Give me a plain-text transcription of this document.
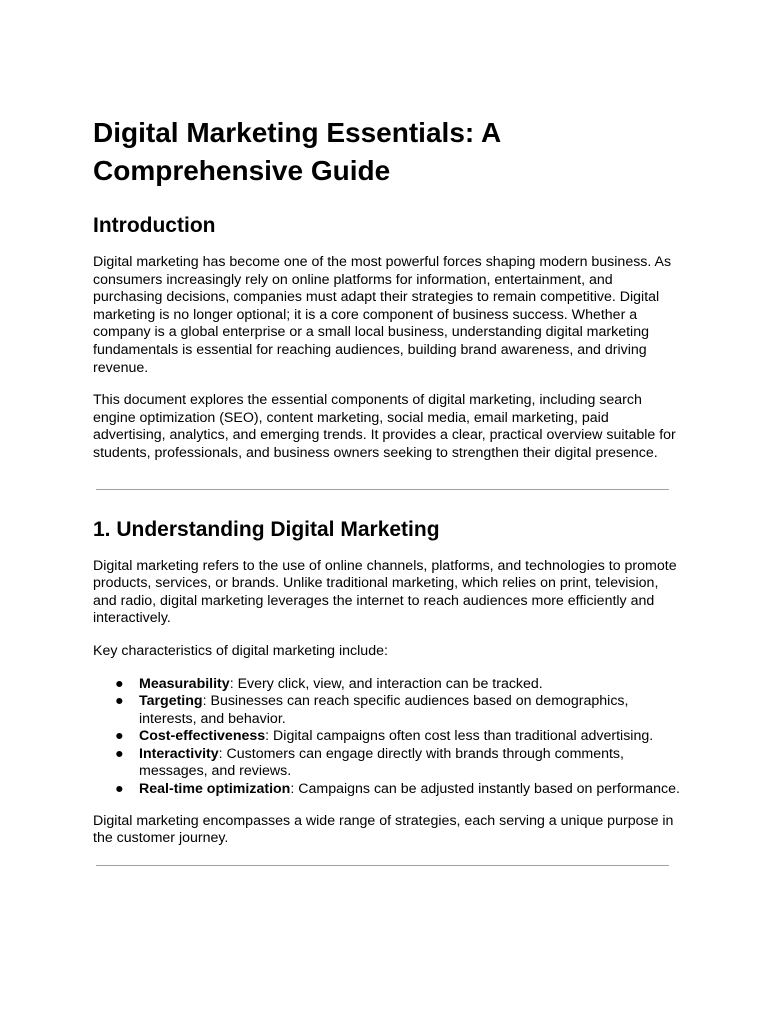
Digital Marketing Essentials: A Comprehensive Guide
Introduction

Digital marketing has become one of the most powerful forces shaping modern business. As consumers increasingly rely on online platforms for information, entertainment, and purchasing decisions, companies must adapt their strategies to remain competitive. Digital marketing is no longer optional; it is a core component of business success. Whether a company is a global enterprise or a small local business, understanding digital marketing fundamentals is essential for reaching audiences, building brand awareness, and driving revenue.

This document explores the essential components of digital marketing, including search engine optimization (SEO), content marketing, social media, email marketing, paid advertising, analytics, and emerging trends. It provides a clear, practical overview suitable for students, professionals, and business owners seeking to strengthen their digital presence.

1. Understanding Digital Marketing

Digital marketing refers to the use of online channels, platforms, and technologies to promote products, services, or brands. Unlike traditional marketing, which relies on print, television, and radio, digital marketing leverages the internet to reach audiences more efficiently and interactively.

Key characteristics of digital marketing include:

● Measurability: Every click, view, and interaction can be tracked.
● Targeting: Businesses can reach specific audiences based on demographics, interests, and behavior.
● Cost-effectiveness: Digital campaigns often cost less than traditional advertising.
● Interactivity: Customers can engage directly with brands through comments, messages, and reviews.
● Real-time optimization: Campaigns can be adjusted instantly based on performance.

Digital marketing encompasses a wide range of strategies, each serving a unique purpose in the customer journey.
